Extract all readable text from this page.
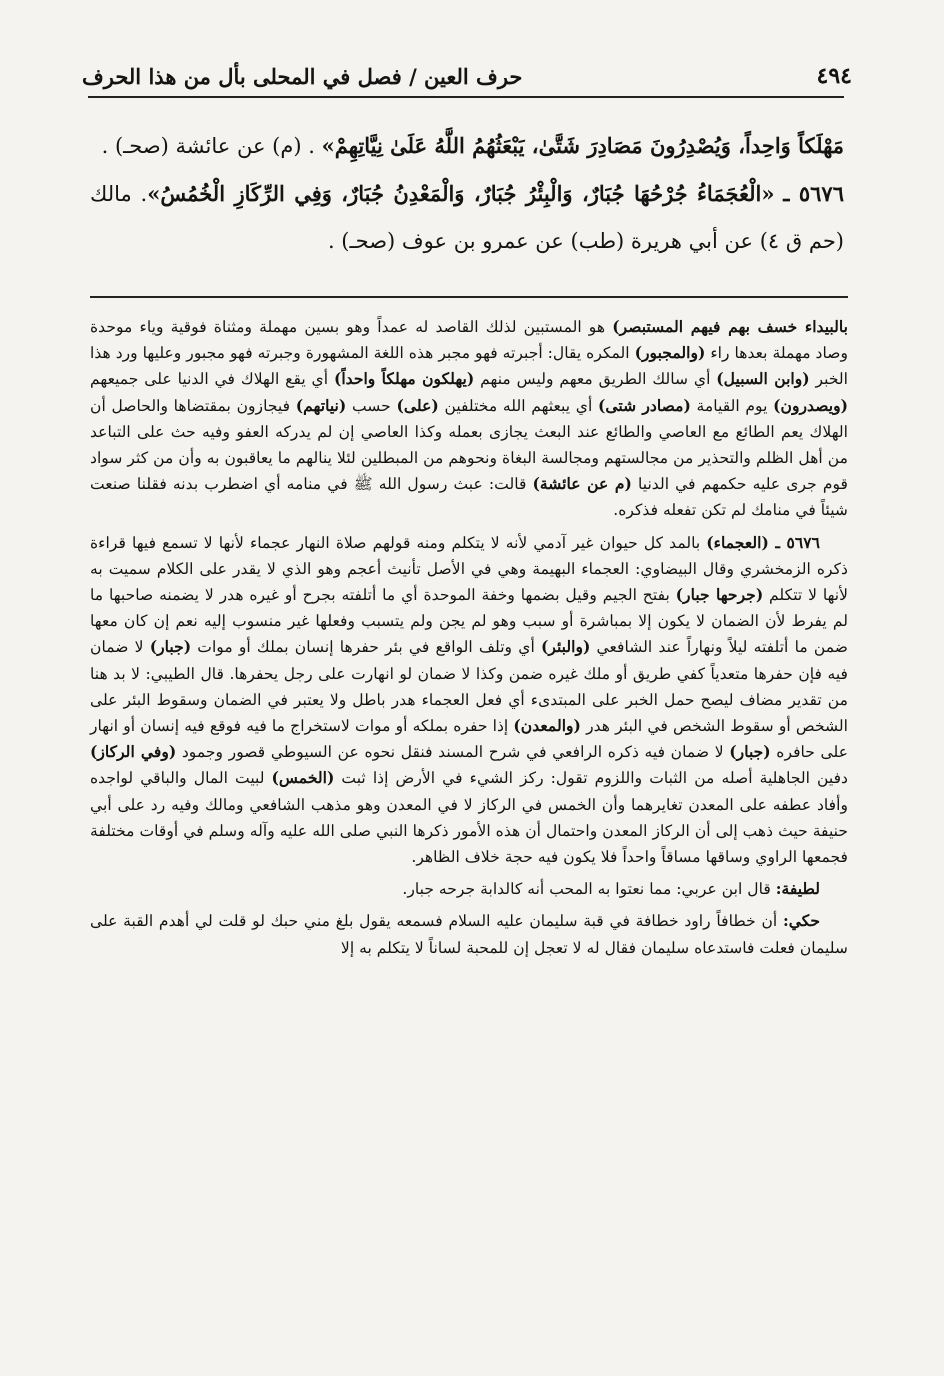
٤٩٤
حرف العين / فصل في المحلى بأل من هذا الحرف

مَهْلَكاً وَاحِداً، وَيُصْدِرُونَ مَصَادِرَ شَتَّىٰ، يَبْعَثُهُمُ اللَّهُ عَلَىٰ نِيَّاتِهِمْ» . (م) عن عائشة (صحـ) .

٥٦٧٦ ـ «الْعُجَمَاءُ جُرْحُهَا جُبَارٌ، وَالْبِئْرُ جُبَارٌ، وَالْمَعْدِنُ جُبَارٌ، وَفِي الرِّكَازِ الْخُمُسُ». مالك (حم ق ٤) عن أبي هريرة (طب) عن عمرو بن عوف (صحـ) .

بالبيداء خسف بهم فيهم المستبصر) هو المستبين لذلك القاصد له عمداً وهو بسين مهملة ومثناة فوقية وياء موحدة وصاد مهملة بعدها راء (والمجبور) المكره يقال: أجبرته فهو مجبر هذه اللغة المشهورة وجبرته فهو مجبور وعليها ورد هذا الخبر (وابن السبيل) أي سالك الطريق معهم وليس منهم (يهلكون مهلكاً واحداً) أي يقع الهلاك في الدنيا على جميعهم (ويصدرون) يوم القيامة (مصادر شتى) أي يبعثهم الله مختلفين (على) حسب (نياتهم) فيجازون بمقتضاها والحاصل أن الهلاك يعم الطائع مع العاصي والطائع عند البعث يجازى بعمله وكذا العاصي إن لم يدركه العفو وفيه حث على التباعد من أهل الظلم والتحذير من مجالستهم ومجالسة البغاة ونحوهم من المبطلين لئلا ينالهم ما يعاقبون به وأن من كثر سواد قوم جرى عليه حكمهم في الدنيا (م عن عائشة) قالت: عبث رسول الله ﷺ في منامه أي اضطرب بدنه فقلنا صنعت شيئاً في منامك لم تكن تفعله فذكره.

٥٦٧٦ ـ (العجماء) بالمد كل حيوان غير آدمي لأنه لا يتكلم ومنه قولهم صلاة النهار عجماء لأنها لا تسمع فيها قراءة ذكره الزمخشري وقال البيضاوي: العجماء البهيمة وهي في الأصل تأنيث أعجم وهو الذي لا يقدر على الكلام سميت به لأنها لا تتكلم (جرحها جبار) بفتح الجيم وقيل بضمها وخفة الموحدة أي ما أتلفته بجرح أو غيره هدر لا يضمنه صاحبها ما لم يفرط لأن الضمان لا يكون إلا بمباشرة أو سبب وهو لم يجن ولم يتسبب وفعلها غير منسوب إليه نعم إن كان معها ضمن ما أتلفته ليلاً ونهاراً عند الشافعي (والبئر) أي وتلف الواقع في بئر حفرها إنسان بملك أو موات (جبار) لا ضمان فيه فإن حفرها متعدياً كفي طريق أو ملك غيره ضمن وكذا لا ضمان لو انهارت على رجل يحفرها. قال الطيبي: لا بد هنا من تقدير مضاف ليصح حمل الخبر على المبتدىء أي فعل العجماء هدر باطل ولا يعتبر في الضمان وسقوط البئر على الشخص أو سقوط الشخص في البئر هدر (والمعدن) إذا حفره بملكه أو موات لاستخراج ما فيه فوقع فيه إنسان أو انهار على حافره (جبار) لا ضمان فيه ذكره الرافعي في شرح المسند فنقل نحوه عن السيوطي قصور وجمود (وفي الركاز) دفين الجاهلية أصله من الثبات واللزوم تقول: ركز الشيء في الأرض إذا ثبت (الخمس) لبيت المال والباقي لواجده وأفاد عطفه على المعدن تغايرهما وأن الخمس في الركاز لا في المعدن وهو مذهب الشافعي ومالك وفيه رد على أبي حنيفة حيث ذهب إلى أن الركاز المعدن واحتمال أن هذه الأمور ذكرها النبي صلى الله عليه وآله وسلم في أوقات مختلفة فجمعها الراوي وساقها مساقاً واحداً فلا يكون فيه حجة خلاف الظاهر.

لطيفة: قال ابن عربي: مما نعتوا به المحب أنه كالدابة جرحه جبار.

حكي: أن خطافاً راود خطافة في قبة سليمان عليه السلام فسمعه يقول بلغ مني حبك لو قلت لي أهدم القبة على سليمان فعلت فاستدعاه سليمان فقال له لا تعجل إن للمحبة لساناً لا يتكلم به إلا
